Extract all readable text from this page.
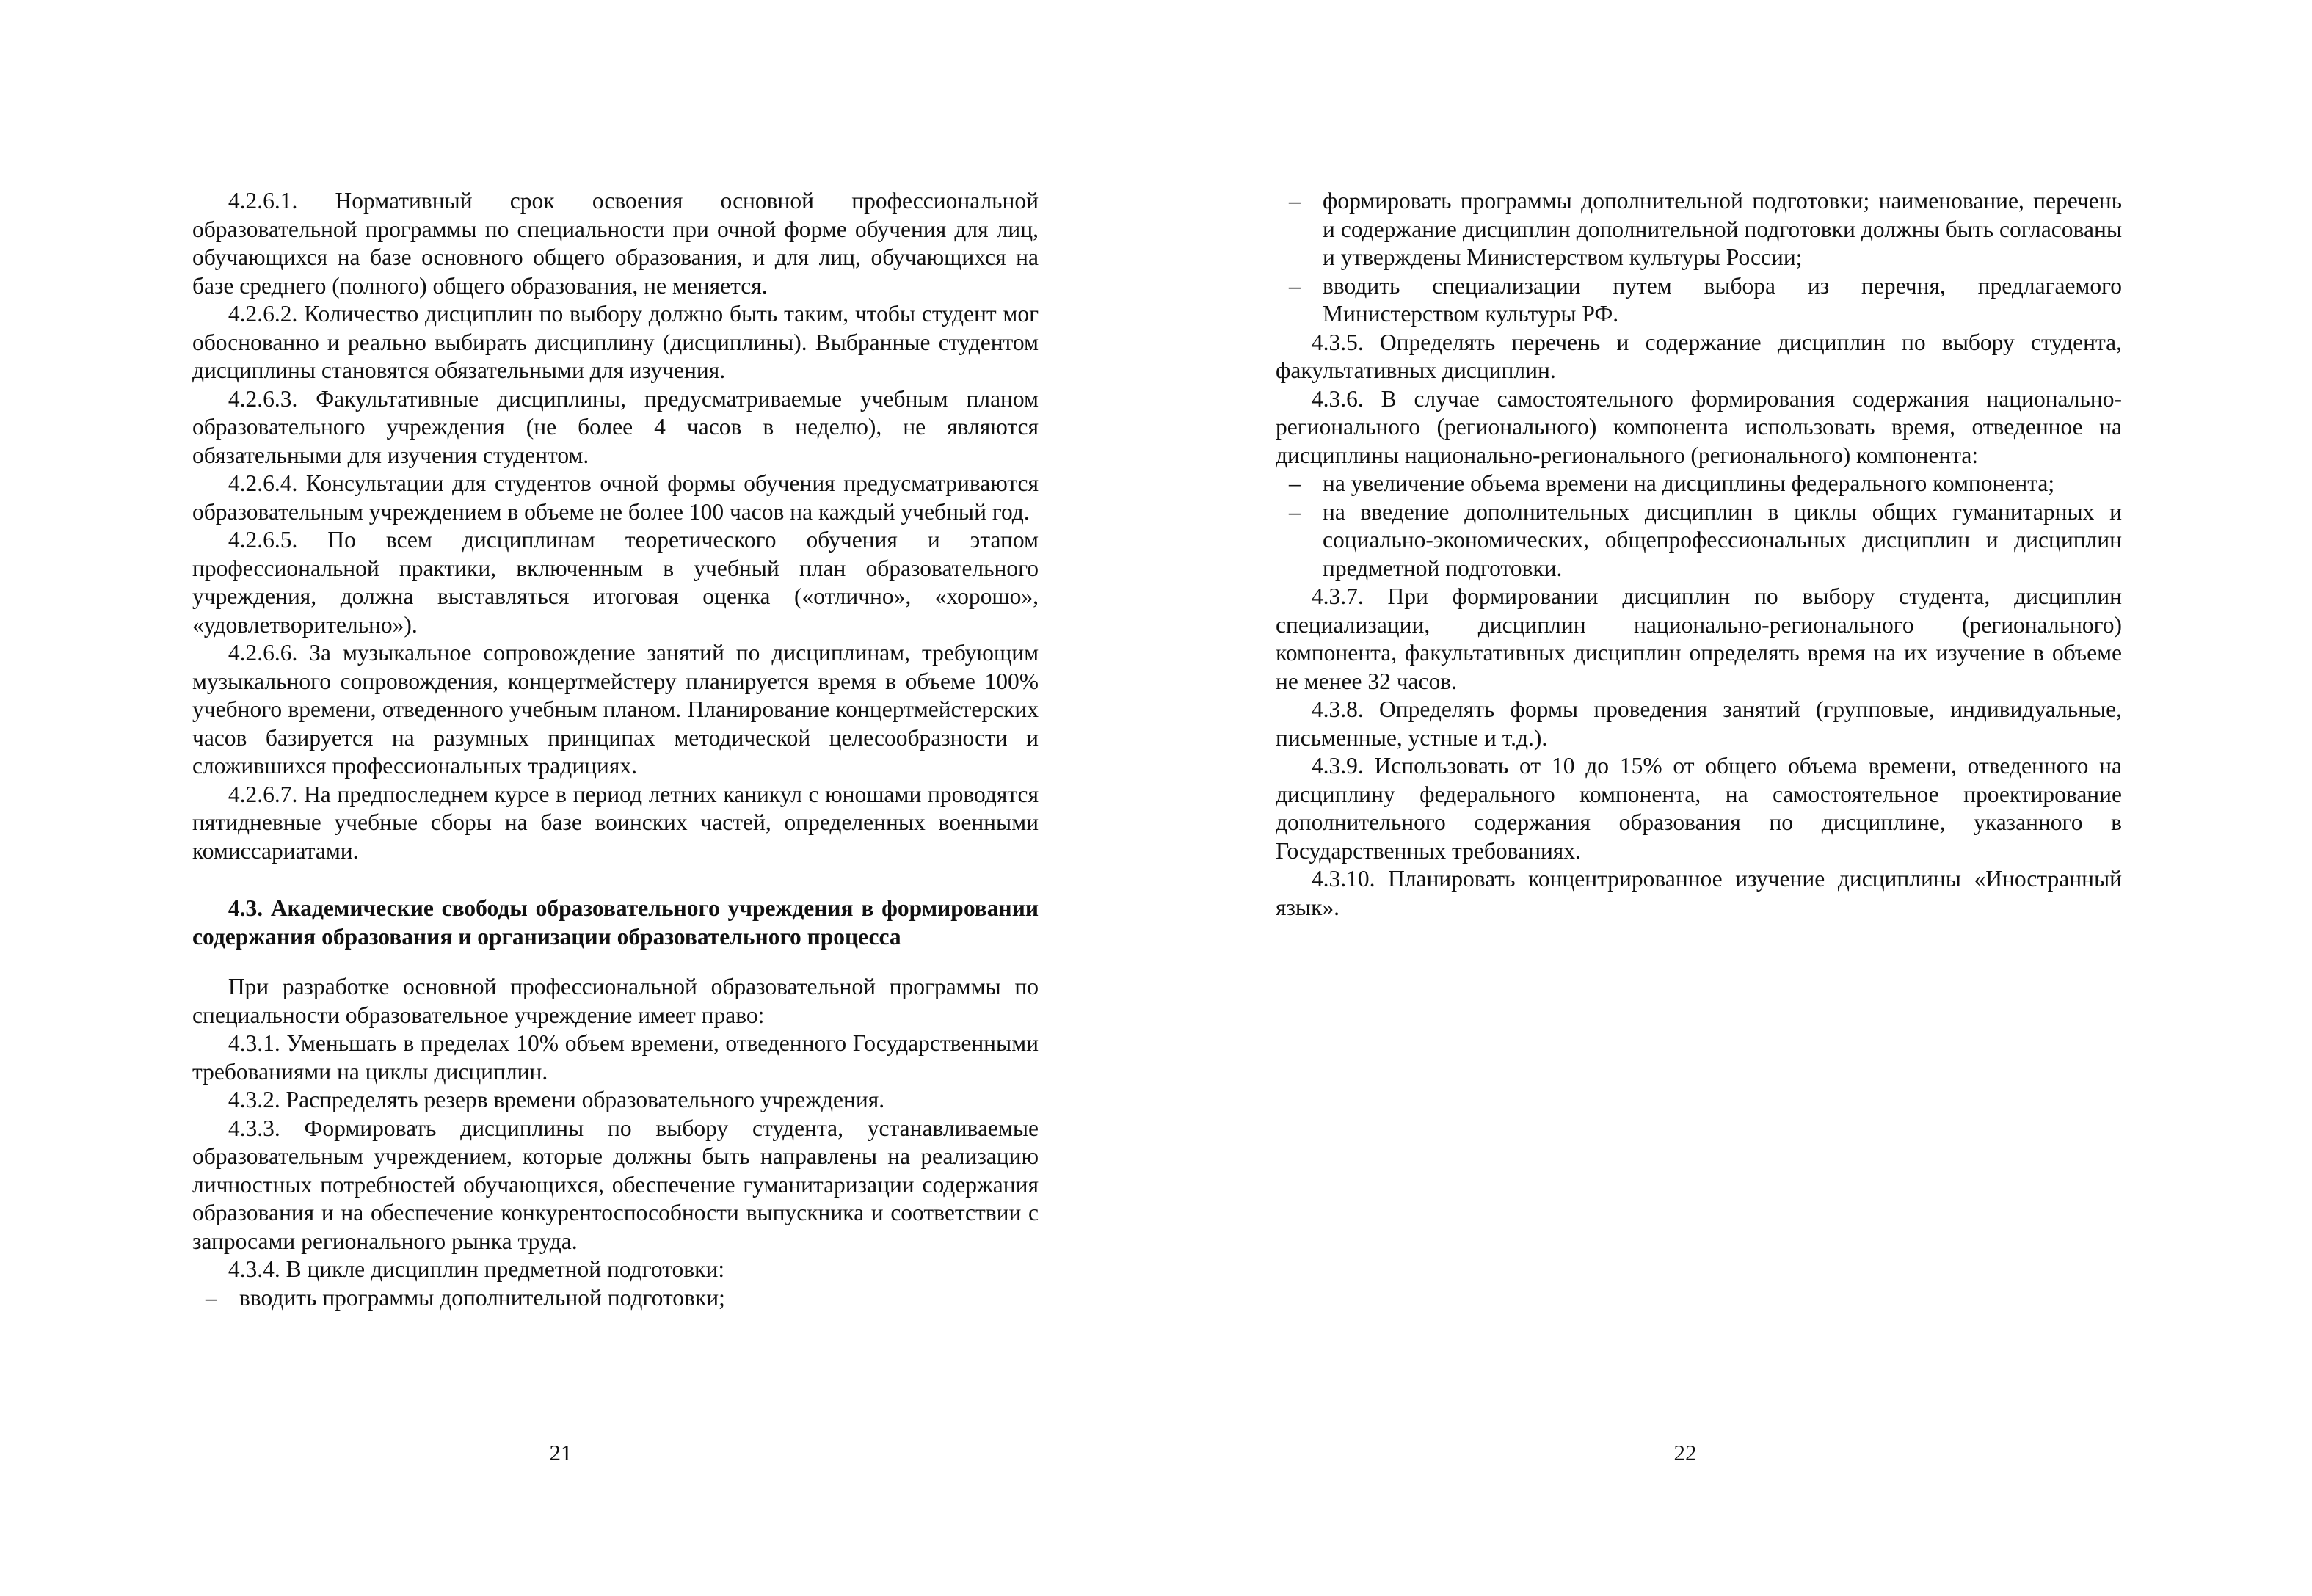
4.2.6.1. Нормативный срок освоения основной профессиональной образовательной программы по специальности при очной форме обучения для лиц, обучающихся на базе основного общего образования, и для лиц, обучающихся на базе среднего (полного) общего образования, не меняется.

4.2.6.2. Количество дисциплин по выбору должно быть таким, чтобы студент мог обоснованно и реально выбирать дисциплину (дисциплины). Выбранные студентом дисциплины становятся обязательными для изучения.

4.2.6.3. Факультативные дисциплины, предусматриваемые учебным планом образовательного учреждения (не более 4 часов в неделю), не являются обязательными для изучения студентом.

4.2.6.4. Консультации для студентов очной формы обучения предусматриваются образовательным учреждением в объеме не более 100 часов на каждый учебный год.

4.2.6.5. По всем дисциплинам теоретического обучения и этапом профессиональной практики, включенным в учебный план образовательного учреждения, должна выставляться итоговая оценка («отлично», «хорошо», «удовлетворительно»).

4.2.6.6. За музыкальное сопровождение занятий по дисциплинам, требующим музыкального сопровождения, концертмейстеру планируется время в объеме 100% учебного времени, отведенного учебным планом. Планирование концертмейстерских часов базируется на разумных принципах методической целесообразности и сложившихся профессиональных традициях.

4.2.6.7. На предпоследнем курсе в период летних каникул с юношами проводятся пятидневные учебные сборы на базе воинских частей, определенных военными комиссариатами.

4.3. Академические свободы образовательного учреждения в формировании содержания образования и организации образовательного процесса

При разработке основной профессиональной образовательной программы по специальности образовательное учреждение имеет право:

4.3.1. Уменьшать в пределах 10% объем времени, отведенного Государственными требованиями на циклы дисциплин.

4.3.2. Распределять резерв времени образовательного учреждения.

4.3.3. Формировать дисциплины по выбору студента, устанавливаемые образовательным учреждением, которые должны быть направлены на реализацию личностных потребностей обучающихся, обеспечение гуманитаризации содержания образования и на обеспечение конкурентоспособности выпускника и соответствии с запросами регионального рынка труда.

4.3.4. В цикле дисциплин предметной подготовки:

– вводить программы дополнительной подготовки;
21
– формировать программы дополнительной подготовки; наименование, перечень и содержание дисциплин дополнительной подготовки должны быть согласованы и утверждены Министерством культуры России;
– вводить специализации путем выбора из перечня, предлагаемого Министерством культуры РФ.

4.3.5. Определять перечень и содержание дисциплин по выбору студента, факультативных дисциплин.

4.3.6. В случае самостоятельного формирования содержания национально-регионального (регионального) компонента использовать время, отведенное на дисциплины национально-регионального (регионального) компонента:

– на увеличение объема времени на дисциплины федерального компонента;
– на введение дополнительных дисциплин в циклы общих гуманитарных и социально-экономических, общепрофессиональных дисциплин и дисциплин предметной подготовки.

4.3.7. При формировании дисциплин по выбору студента, дисциплин специализации, дисциплин национально-регионального (регионального) компонента, факультативных дисциплин определять время на их изучение в объеме не менее 32 часов.

4.3.8. Определять формы проведения занятий (групповые, индивидуальные, письменные, устные и т.д.).

4.3.9. Использовать от 10 до 15% от общего объема времени, отведенного на дисциплину федерального компонента, на самостоятельное проектирование дополнительного содержания образования по дисциплине, указанного в Государственных требованиях.

4.3.10. Планировать концентрированное изучение дисциплины «Иностранный язык».

22
